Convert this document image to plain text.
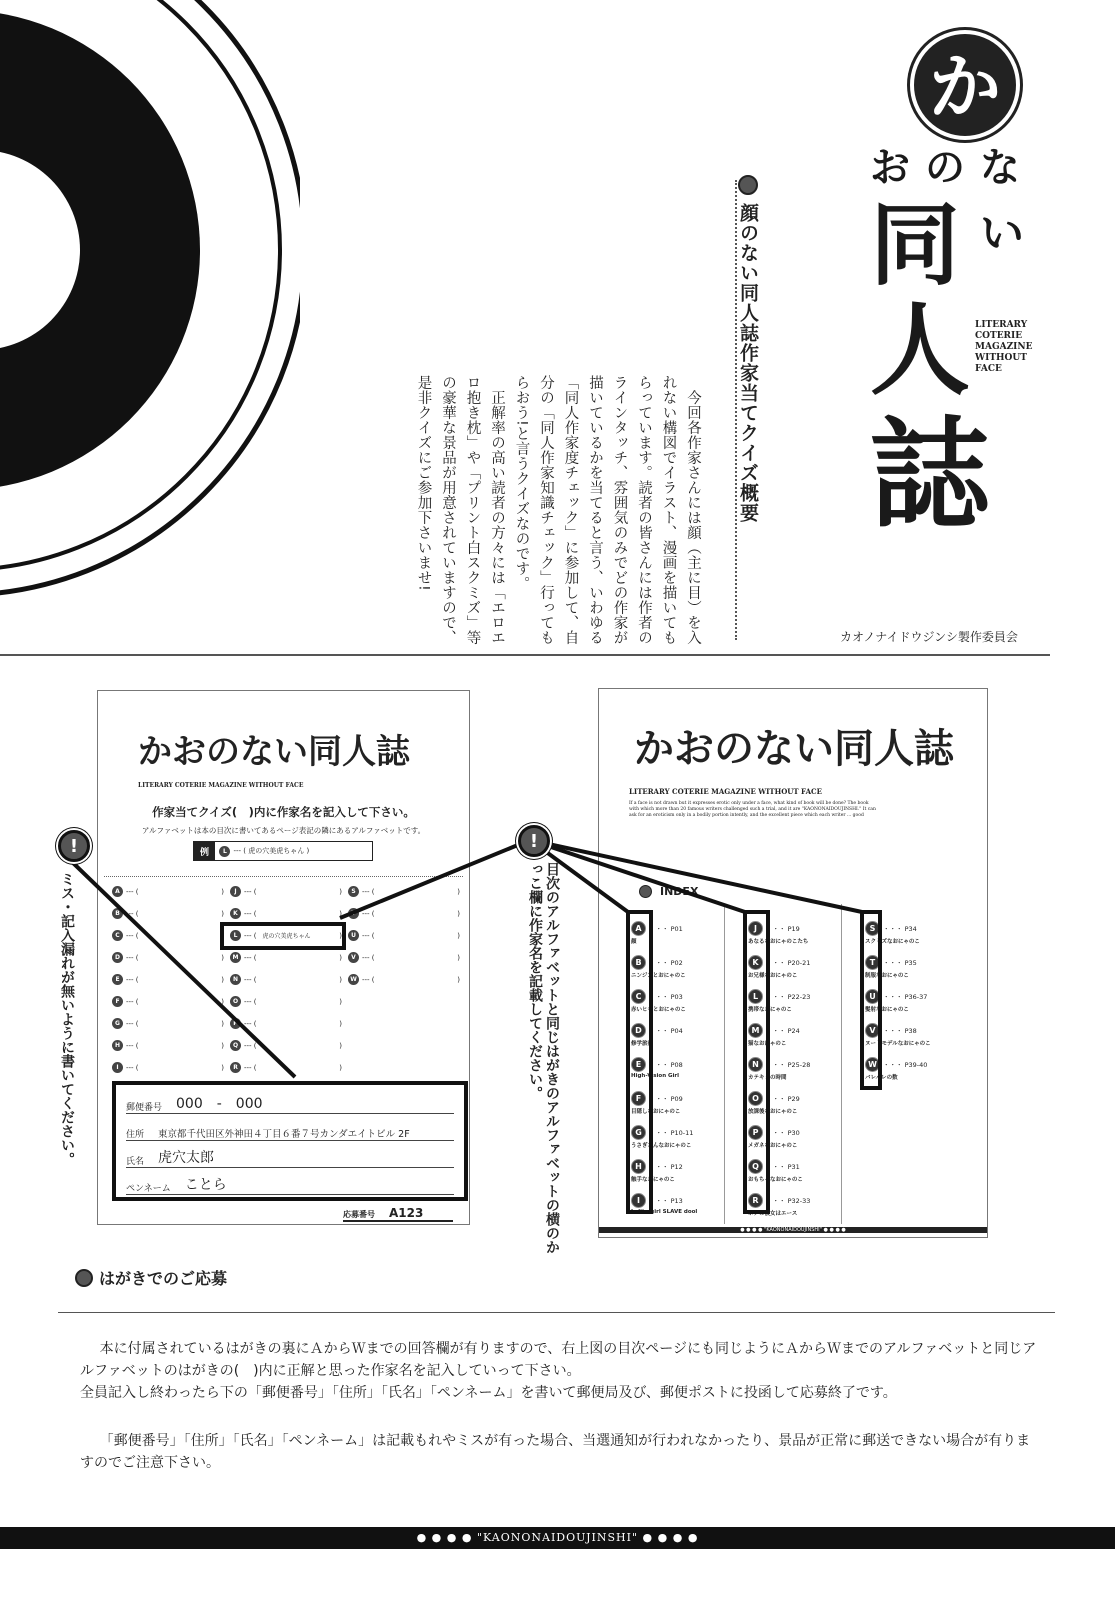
か
お の な
い
同
人
誌
LITERARY COTERIE MAGAZINE WITHOUT FACE
顔のない同人誌作家当てクイズ概要

今回各作家さんには顔（主に目）を入れない構図でイラスト、漫画を描いてもらっています。読者の皆さんには作者のラインタッチ、雰囲気のみでどの作家が描いているかを当てると言う、いわゆる「同人作家度チェック」に参加して、自分の「同人作家知識チェック」行ってもらおう!と言うクイズなのです。

正解率の高い読者の方々には「エロエロ抱き枕」や「プリント白スクミズ」等の豪華な景品が用意されていますので、是非クイズにご参加下さいませ!

カオノナイドウジンシ製作委員会
かおのない同人誌
LITERARY COTERIE MAGAZINE WITHOUT FACE
作家当てクイズ(　)内に作家名を記入して下さい。
アルファベットは本の目次に書いてあるページ表記の隣にあるアルファベットです。
例
	L --- ( 虎の穴美虎ちゃん )
A --- (	)
B --- (	)
C --- (	)
D --- (	)
E --- (	)
F --- (	)
G --- (	)
H --- (	)
I	--- (	)
J	--- (	)
K --- (	)
L --- ( 虎の穴美虎ちゃん	)
M --- (	)
N --- (	)
O --- (	)
P --- (	)
Q --- (	)
R --- (	)
S --- (	)
T --- (	)
U --- (	)
V --- (	)
W --- (	)
郵便番号 000　-　000
住所 東京都千代田区外神田４丁目６番７号カンダエイトビル 2F
氏名 虎穴太郎
ペンネーム ことら
応募番号 A123
かおのない同人誌
LITERARY COTERIE MAGAZINE WITHOUT FACE
If a face is not drawn but it expresses erotic only under a face, what kind of book will be done? The book with which more than 20 famous writers challenged such a trial, and it are "KAONONAIDOUJINSHI." It can ask for an eroticism only in a bodily portion intently, and the excellent piece which each writer ... good
INDEX
A	・・・ P01
顔
B	・・・ P02
ニンジンとおにゃのこ
C	・・・ P03
赤いヒモとおにゃのこ
D	・・・ P04
修学旅行
E	・・・ P08
High-Vision Girl
F	・・・ P09
目隠しなおにゃのこ
G	・・・ P10-11
うさぎさんなおにゃのこ
H	・・・ P12
触手なおにゃのこ
I	・・・ P13
Lolita girl SLAVE dool
J	・・・ P19
あなるなおにゃのこたち
K	・・・ P20-21
お兄様なおにゃのこ
L	・・・ P22-23
携帯なおにゃのこ
M	・・・ P24
猫なおにゃのこ
N	・・・ P25-28
カテキョの時間
O	・・・ P29
放課後なおにゃのこ
P	・・・ P30
メガネなおにゃのこ
Q	・・・ P31
おもちゃなおにゃのこ
R	・・・ P32-33
ボクの彼女はエース
S	・・・ P34
スクミズなおにゃのこ
T	・・・ P35
制服なおにゃのこ
U	・・・ P36-37
髪射なおにゃのこ
V	・・・ P38
ヌードモデルなおにゃのこ
W ・・・ P39-40
バレバレの数
● ● ● ● "KAONONAIDOUJINSHI" ● ● ● ●
!
ミス・記入漏れが無いように書いてください。
!
目次のアルファベットと同じはがきのアルファベットの横のかっこ欄に作家名を記載してください。
はがきでのご応募

本に付属されているはがきの裏にＡからＷまでの回答欄が有りますので、右上図の目次ページにも同じようにＡからＷまでのアルファベットと同じアルファベットのはがきの(　)内に正解と思った作家名を記入していって下さい。

全員記入し終わったら下の「郵便番号」「住所」「氏名」「ペンネーム」を書いて郵便局及び、郵便ポストに投函して応募終了です。

「郵便番号」「住所」「氏名」「ペンネーム」は記載もれやミスが有った場合、当選通知が行われなかったり、景品が正常に郵送できない場合が有りますのでご注意下さい。

● ● ● ● "KAONONAIDOUJINSHI" ● ● ● ●
